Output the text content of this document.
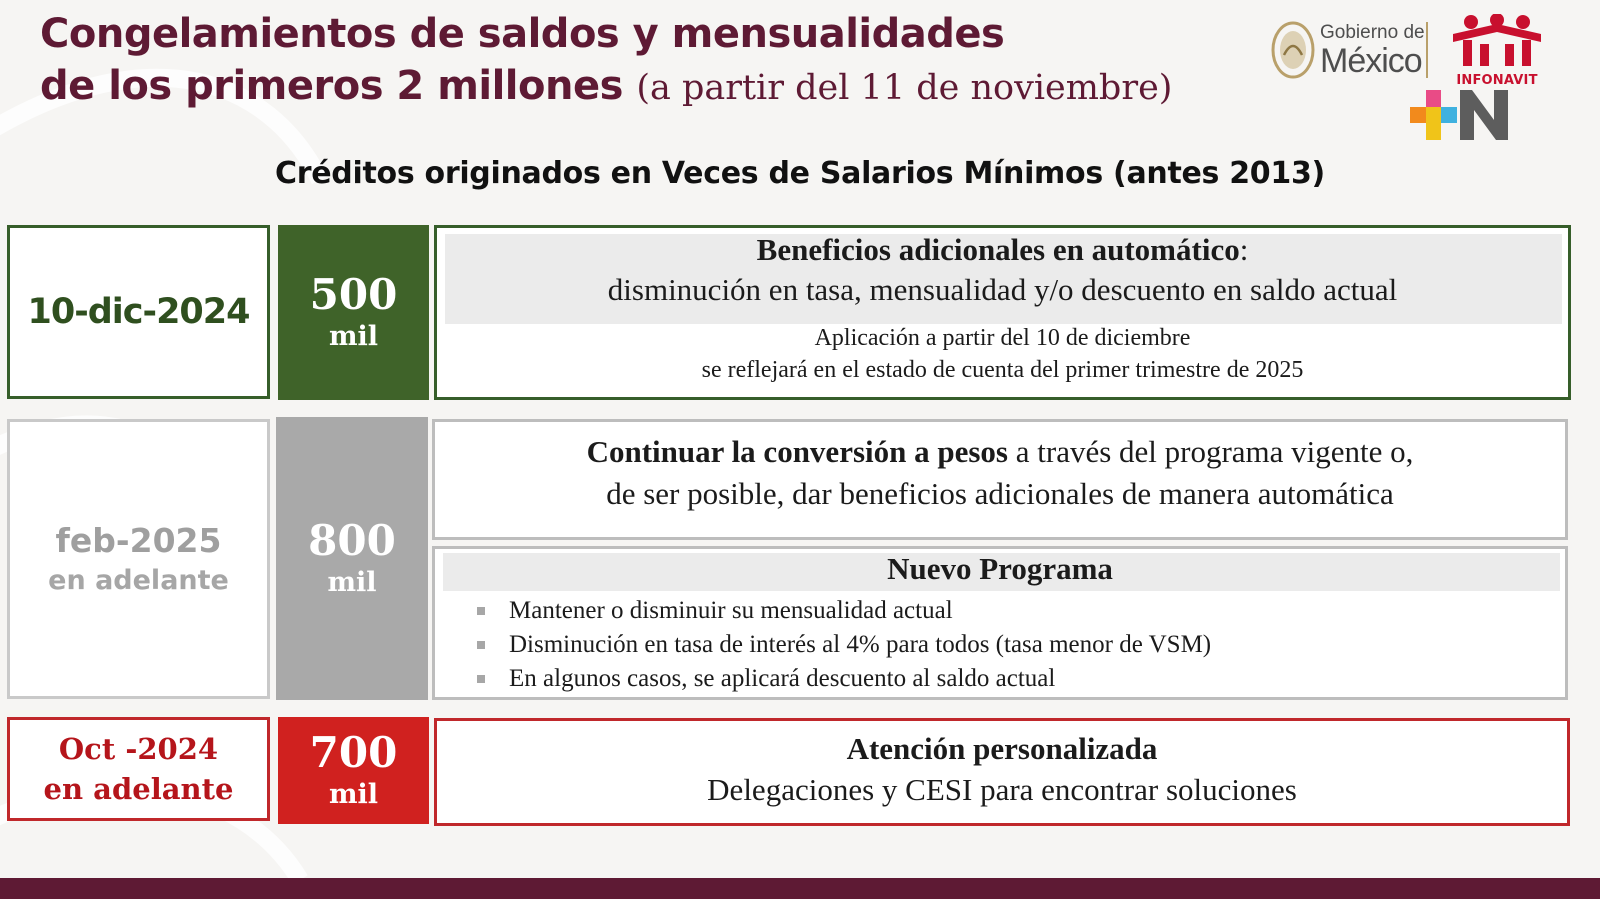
Congelamientos de saldos y mensualidades
de los primeros 2 millones (a partir del 11 de noviembre)
Gobierno de
México
INFONAVIT
Créditos originados en Veces de Salarios Mínimos (antes 2013)
10-dic-2024 500
mil
Beneficios adicionales en automático:
disminución en tasa, mensualidad y/o descuento en saldo actual
Aplicación a partir del 10 de diciembre
se reflejará en el estado de cuenta del primer trimestre de 2025
feb-2025
en adelante
800
mil
Continuar la conversión a pesos a través del programa vigente o,
de ser posible, dar beneficios adicionales de manera automática
Nuevo Programa
Mantener o disminuir su mensualidad actual
Disminución en tasa de interés al 4% para todos (tasa menor de VSM)
En algunos casos, se aplicará descuento al saldo actual
Oct -2024
en adelante
700
mil
Atención personalizada
Delegaciones y CESI para encontrar soluciones
